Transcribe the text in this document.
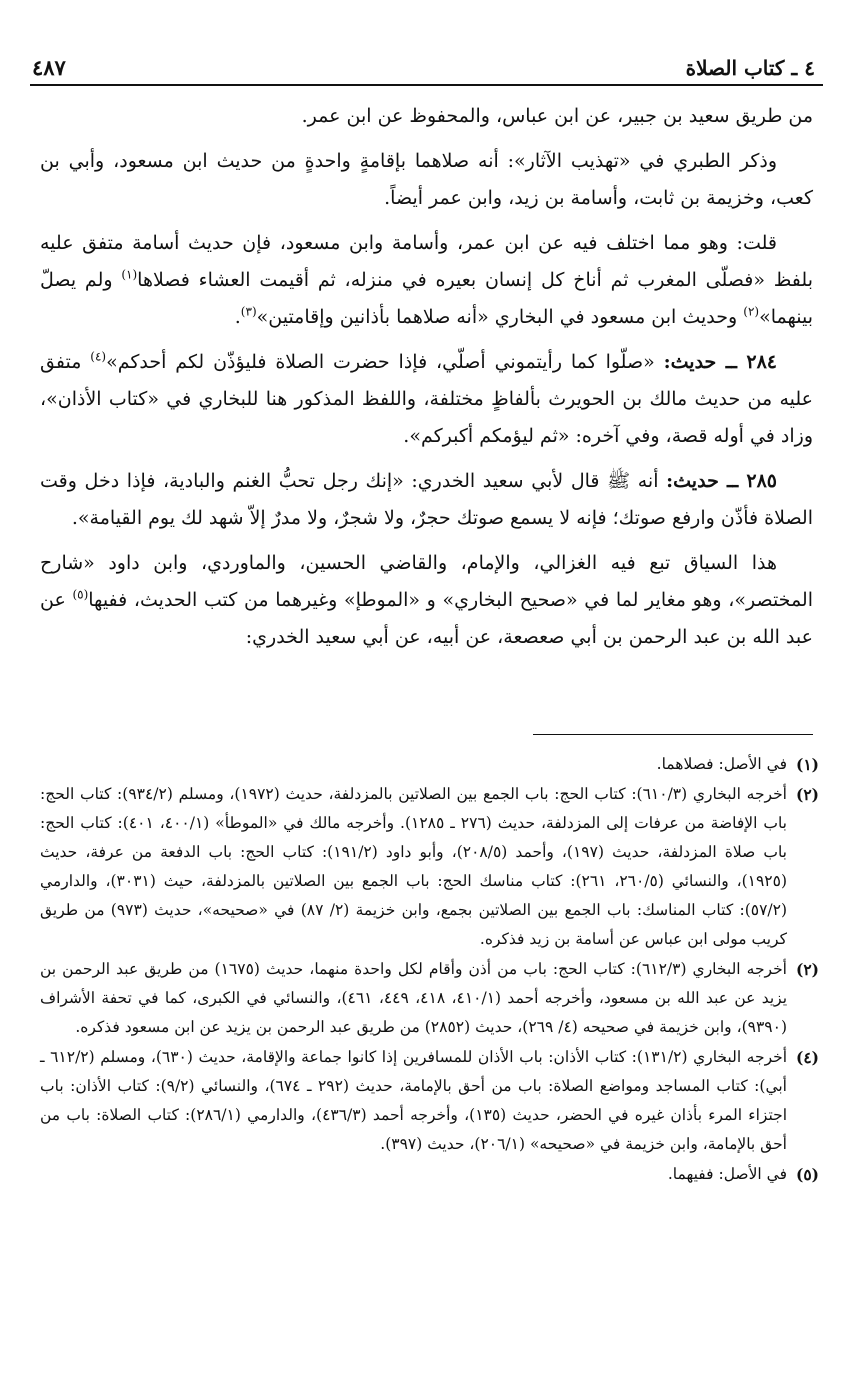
٤ ـ كتاب الصلاة
٤٨٧

من طريق سعيد بن جبير، عن ابن عباس، والمحفوظ عن ابن عمر.

وذكر الطبري في «تهذيب الآثار»: أنه صلاهما بإقامةٍ واحدةٍ من حديث ابن مسعود، وأبي بن كعب، وخزيمة بن ثابت، وأسامة بن زيد، وابن عمر أيضاً.

قلت: وهو مما اختلف فيه عن ابن عمر، وأسامة وابن مسعود، فإن حديث أسامة متفق عليه بلفظ «فصلّى المغرب ثم أناخ كل إنسان بعيره في منزله، ثم أقيمت العشاء فصلاها$^{(١)}$ ولم يصلّ بينهما»$^{(٢)}$ وحديث ابن مسعود في البخاري «أنه صلاهما بأذانين وإقامتين»$^{(٣)}$.

٢٨٤ ــ حديث: «صلّوا كما رأيتموني أصلّي، فإذا حضرت الصلاة فليؤذّن لكم أحدكم»$^{(٤)}$ متفق عليه من حديث مالك بن الحويرث بألفاظٍ مختلفة، واللفظ المذكور هنا للبخاري في «كتاب الأذان»، وزاد في أوله قصة، وفي آخره: «ثم ليؤمكم أكبركم».

٢٨٥ ــ حديث: أنه ﷺ قال لأبي سعيد الخدري: «إنك رجل تحبُّ الغنم والبادية، فإذا دخل وقت الصلاة فأذّن وارفع صوتك؛ فإنه لا يسمع صوتك حجرٌ، ولا شجرٌ، ولا مدرٌ إلاّ شهد لك يوم القيامة».

هذا السياق تبع فيه الغزالي، والإمام، والقاضي الحسين، والماوردي، وابن داود «شارح المختصر»، وهو مغاير لما في «صحيح البخاري» و «الموطإ» وغيرهما من كتب الحديث، ففيها$^{(٥)}$ عن عبد الله بن عبد الرحمن بن أبي صعصعة، عن أبيه، عن أبي سعيد الخدري:

(١)
في الأصل: فصلاهما.
(٢)
أخرجه البخاري (٦١٠/٣): كتاب الحج: باب الجمع بين الصلاتين بالمزدلفة، حديث (١٩٧٢)، ومسلم (٩٣٤/٢): كتاب الحج: باب الإفاضة من عرفات إلى المزدلفة، حديث (٢٧٦ ـ ١٢٨٥). وأخرجه مالك في «الموطأ» (٤٠٠/١، ٤٠١): كتاب الحج: باب صلاة المزدلفة، حديث (١٩٧)، وأحمد (٢٠٨/٥)، وأبو داود (١٩١/٢): كتاب الحج: باب الدفعة من عرفة، حديث (١٩٢٥)، والنسائي (٢٦٠/٥، ٢٦١): كتاب مناسك الحج: باب الجمع بين الصلاتين بالمزدلفة، حيث (٣٠٣١)، والدارمي (٥٧/٢): كتاب المناسك: باب الجمع بين الصلاتين بجمع، وابن خزيمة (٢/ ٨٧) في «صحيحه»، حديث (٩٧٣) من طريق كريب مولى ابن عباس عن أسامة بن زيد فذكره.
(٢)
أخرجه البخاري (٦١٢/٣): كتاب الحج: باب من أذن وأقام لكل واحدة منهما، حديث (١٦٧٥) من طريق عبد الرحمن بن يزيد عن عبد الله بن مسعود، وأخرجه أحمد (٤١٠/١، ٤١٨، ٤٤٩، ٤٦١)، والنسائي في الكبرى، كما في تحفة الأشراف (٩٣٩٠)، وابن خزيمة في صحيحه (٤/ ٢٦٩)، حديث (٢٨٥٢) من طريق عبد الرحمن بن يزيد عن ابن مسعود فذكره.
(٤)
أخرجه البخاري (١٣١/٢): كتاب الأذان: باب الأذان للمسافرين إذا كانوا جماعة والإقامة، حديث (٦٣٠)، ومسلم (٦١٢/٢ ـ أبي): كتاب المساجد ومواضع الصلاة: باب من أحق بالإمامة، حديث (٢٩٢ ـ ٦٧٤)، والنسائي (٩/٢): كتاب الأذان: باب اجتزاء المرء بأذان غيره في الحضر، حديث (١٣٥)، وأخرجه أحمد (٤٣٦/٣)، والدارمي (٢٨٦/١): كتاب الصلاة: باب من أحق بالإمامة، وابن خزيمة في «صحيحه» (٢٠٦/١)، حديث (٣٩٧).
(٥)
في الأصل: ففيهما.
